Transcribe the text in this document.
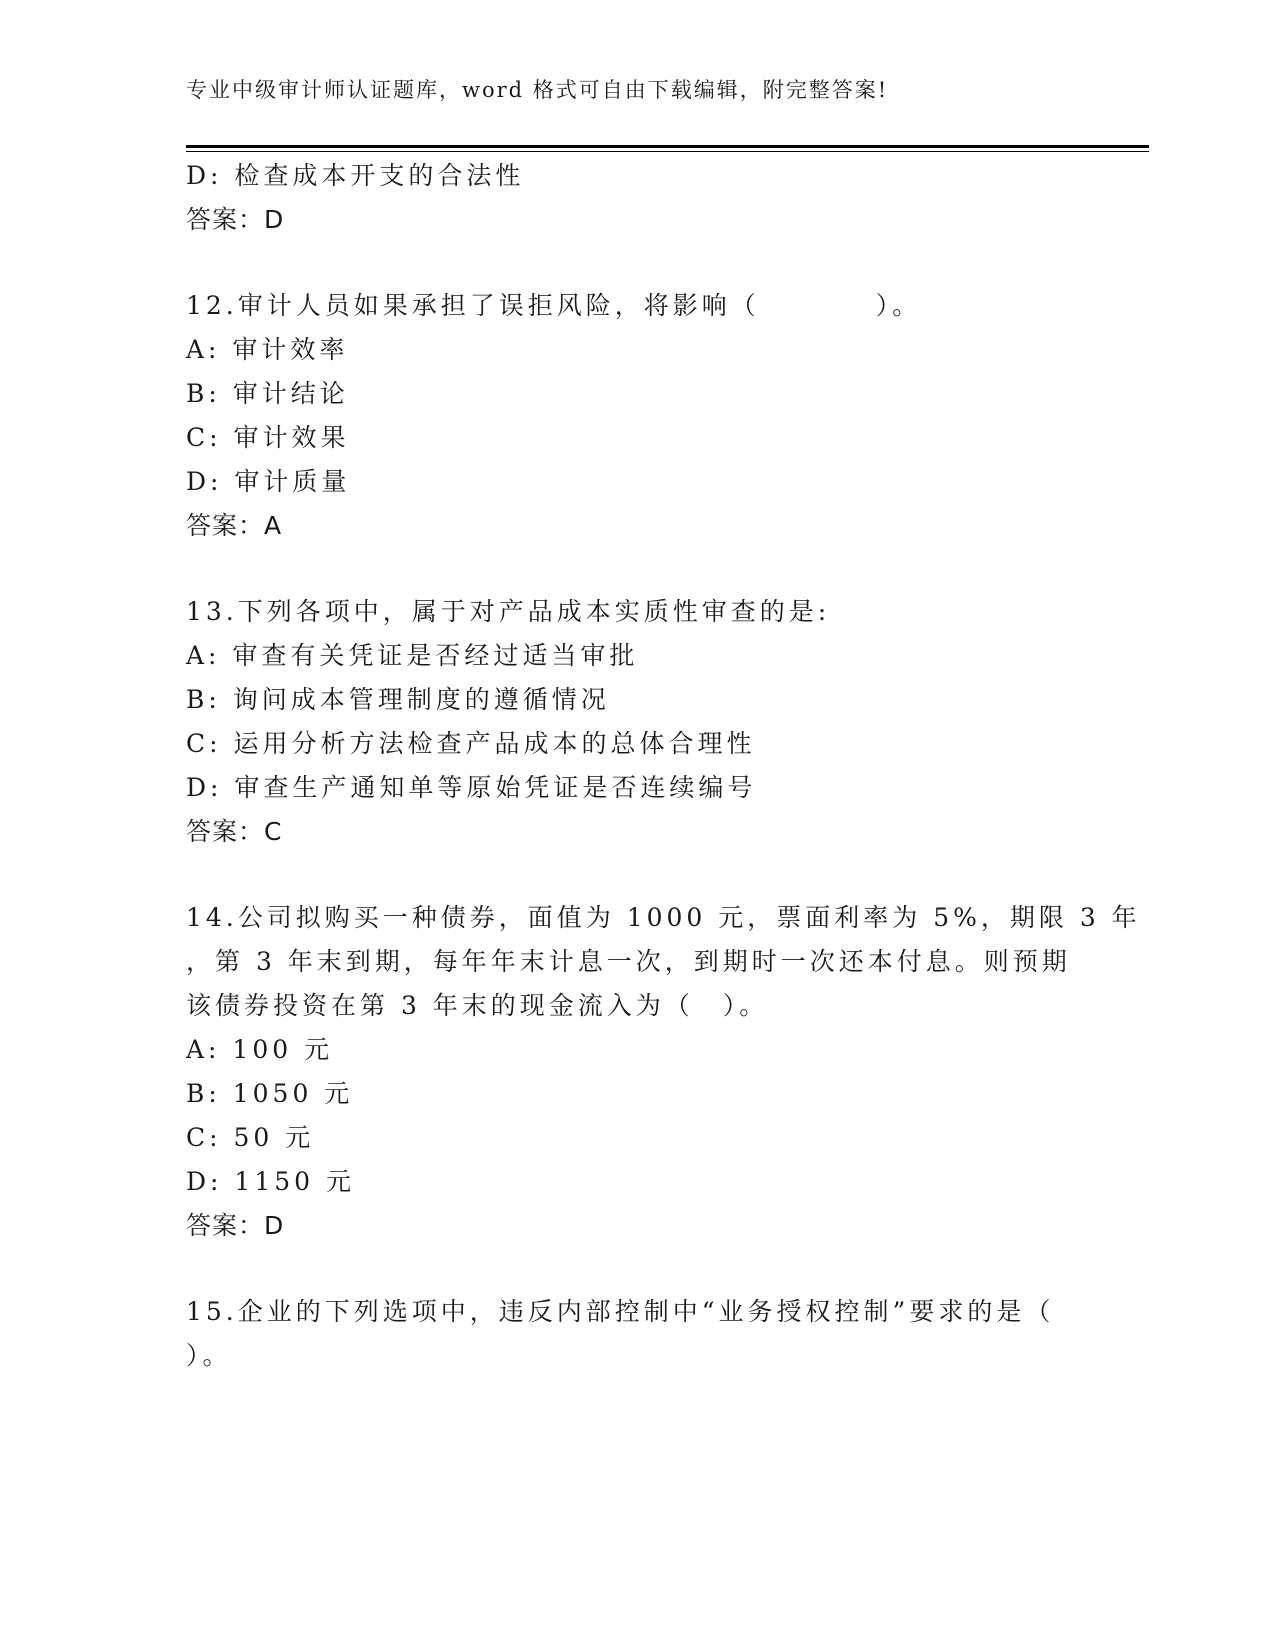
专业中级审计师认证题库，word 格式可自由下载编辑，附完整答案!
D: 检查成本开支的合法性
答案：D
12.审计人员如果承担了误拒风险，将影响（　　　　）。
A: 审计效率
B: 审计结论
C: 审计效果
D: 审计质量
答案：A
13.下列各项中，属于对产品成本实质性审查的是:
A: 审查有关凭证是否经过适当审批
B: 询问成本管理制度的遵循情况
C: 运用分析方法检查产品成本的总体合理性
D: 审查生产通知单等原始凭证是否连续编号
答案：C
14.公司拟购买一种债券，面值为 1000 元，票面利率为 5%，期限 3 年
，第 3 年末到期，每年年末计息一次，到期时一次还本付息。则预期
该债券投资在第 3 年末的现金流入为（　）。
A: 100 元
B: 1050 元
C: 50 元
D: 1150 元
答案：D
15.企业的下列选项中，违反内部控制中“业务授权控制”要求的是（
）。
